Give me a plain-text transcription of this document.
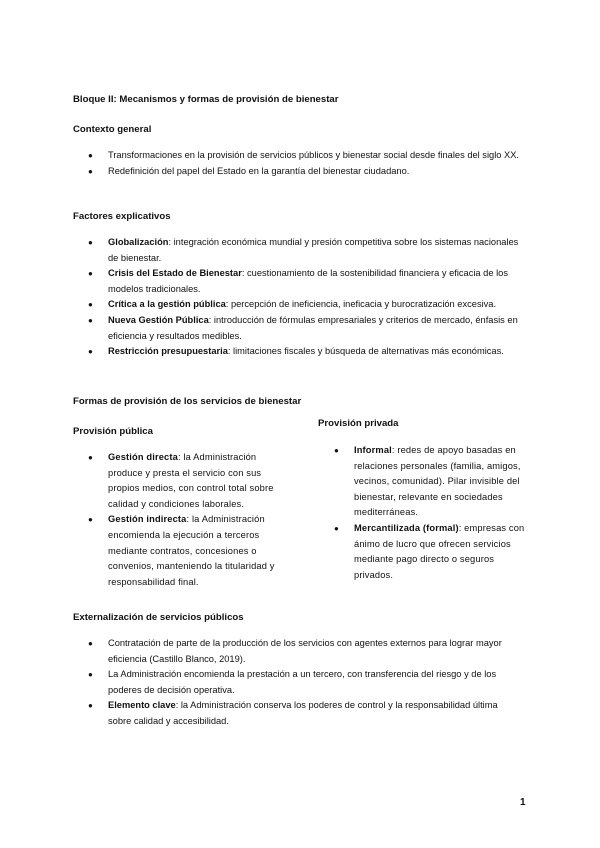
Bloque II: Mecanismos y formas de provisión de bienestar
Contexto general
● Transformaciones en la provisión de servicios públicos y bienestar social desde finales del siglo XX.
● Redefinición del papel del Estado en la garantía del bienestar ciudadano.
Factores explicativos
● Globalización: integración económica mundial y presión competitiva sobre los sistemas nacionales de bienestar.
● Crisis del Estado de Bienestar: cuestionamiento de la sostenibilidad financiera y eficacia de los modelos tradicionales.
● Crítica a la gestión pública: percepción de ineficiencia, ineficacia y burocratización excesiva.
● Nueva Gestión Pública: introducción de fórmulas empresariales y criterios de mercado, énfasis en eficiencia y resultados medibles.
● Restricción presupuestaria: limitaciones fiscales y búsqueda de alternativas más económicas.
Formas de provisión de los servicios de bienestar
Provisión pública
● Gestión directa: la Administración produce y presta el servicio con sus propios medios, con control total sobre calidad y condiciones laborales.
● Gestión indirecta: la Administración encomienda la ejecución a terceros mediante contratos, concesiones o convenios, manteniendo la titularidad y responsabilidad final.
Provisión privada
● Informal: redes de apoyo basadas en relaciones personales (familia, amigos, vecinos, comunidad). Pilar invisible del bienestar, relevante en sociedades mediterráneas.
● Mercantilizada (formal): empresas con ánimo de lucro que ofrecen servicios mediante pago directo o seguros privados.
Externalización de servicios públicos
● Contratación de parte de la producción de los servicios con agentes externos para lograr mayor eficiencia (Castillo Blanco, 2019).
● La Administración encomienda la prestación a un tercero, con transferencia del riesgo y de los poderes de decisión operativa.
● Elemento clave: la Administración conserva los poderes de control y la responsabilidad última sobre calidad y accesibilidad.
1
